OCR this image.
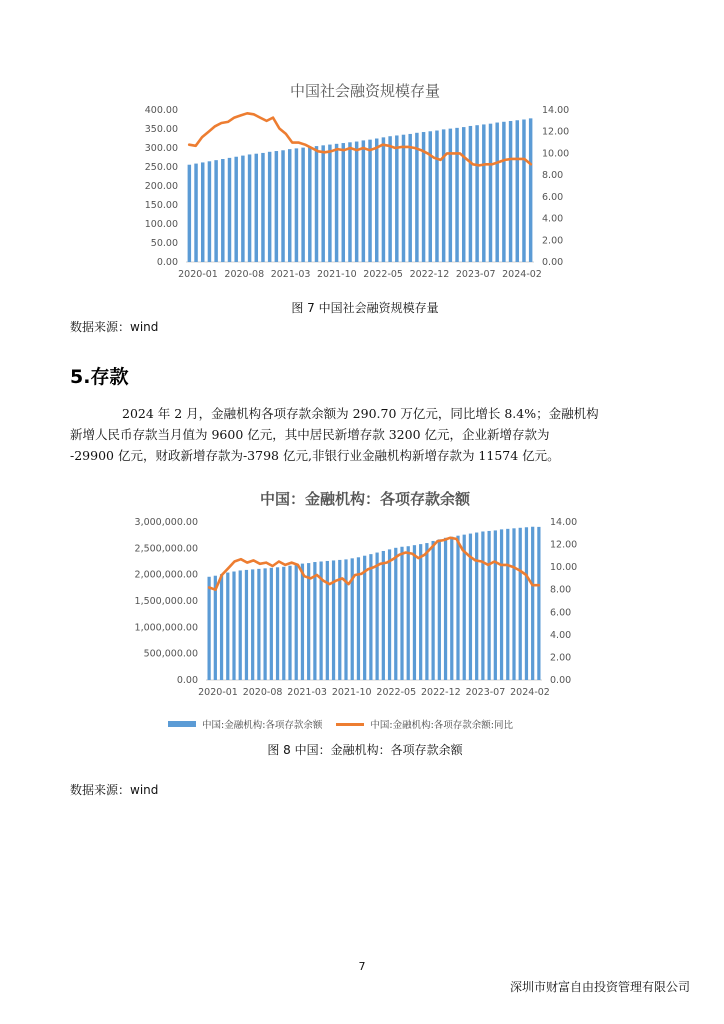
中国社会融资规模存量
0.00
50.00
100.00
150.00
200.00
250.00
300.00
350.00
400.00
0.00
2.00
4.00
6.00
8.00
10.00
12.00
14.00
2020-01 2020-08 2021-03 2021-10 2022-05 2022-12 2023-07 2024-02
图 7 中国社会融资规模存量
数据来源：wind
5.存款

2024 年 2 月，金融机构各项存款余额为 290.70 万亿元，同比增长 8.4%；金融机构

新增人民币存款当月值为 9600 亿元，其中居民新增存款 3200 亿元，企业新增存款为

-29900 亿元，财政新增存款为-3798 亿元,非银行业金融机构新增存款为 11574 亿元。

中国：金融机构：各项存款余额
0.00
500,000.00
1,000,000.00
1,500,000.00
2,000,000.00
2,500,000.00
3,000,000.00
0.00
2.00
4.00
6.00
8.00
10.00
12.00
14.00
2020-01 2020-08 2021-03 2021-10 2022-05 2022-12 2023-07 2024-02
中国:金融机构:各项存款余额	中国:金融机构:各项存款余额:同比
图 8 中国：金融机构：各项存款余额
数据来源：wind
7
深圳市财富自由投资管理有限公司
